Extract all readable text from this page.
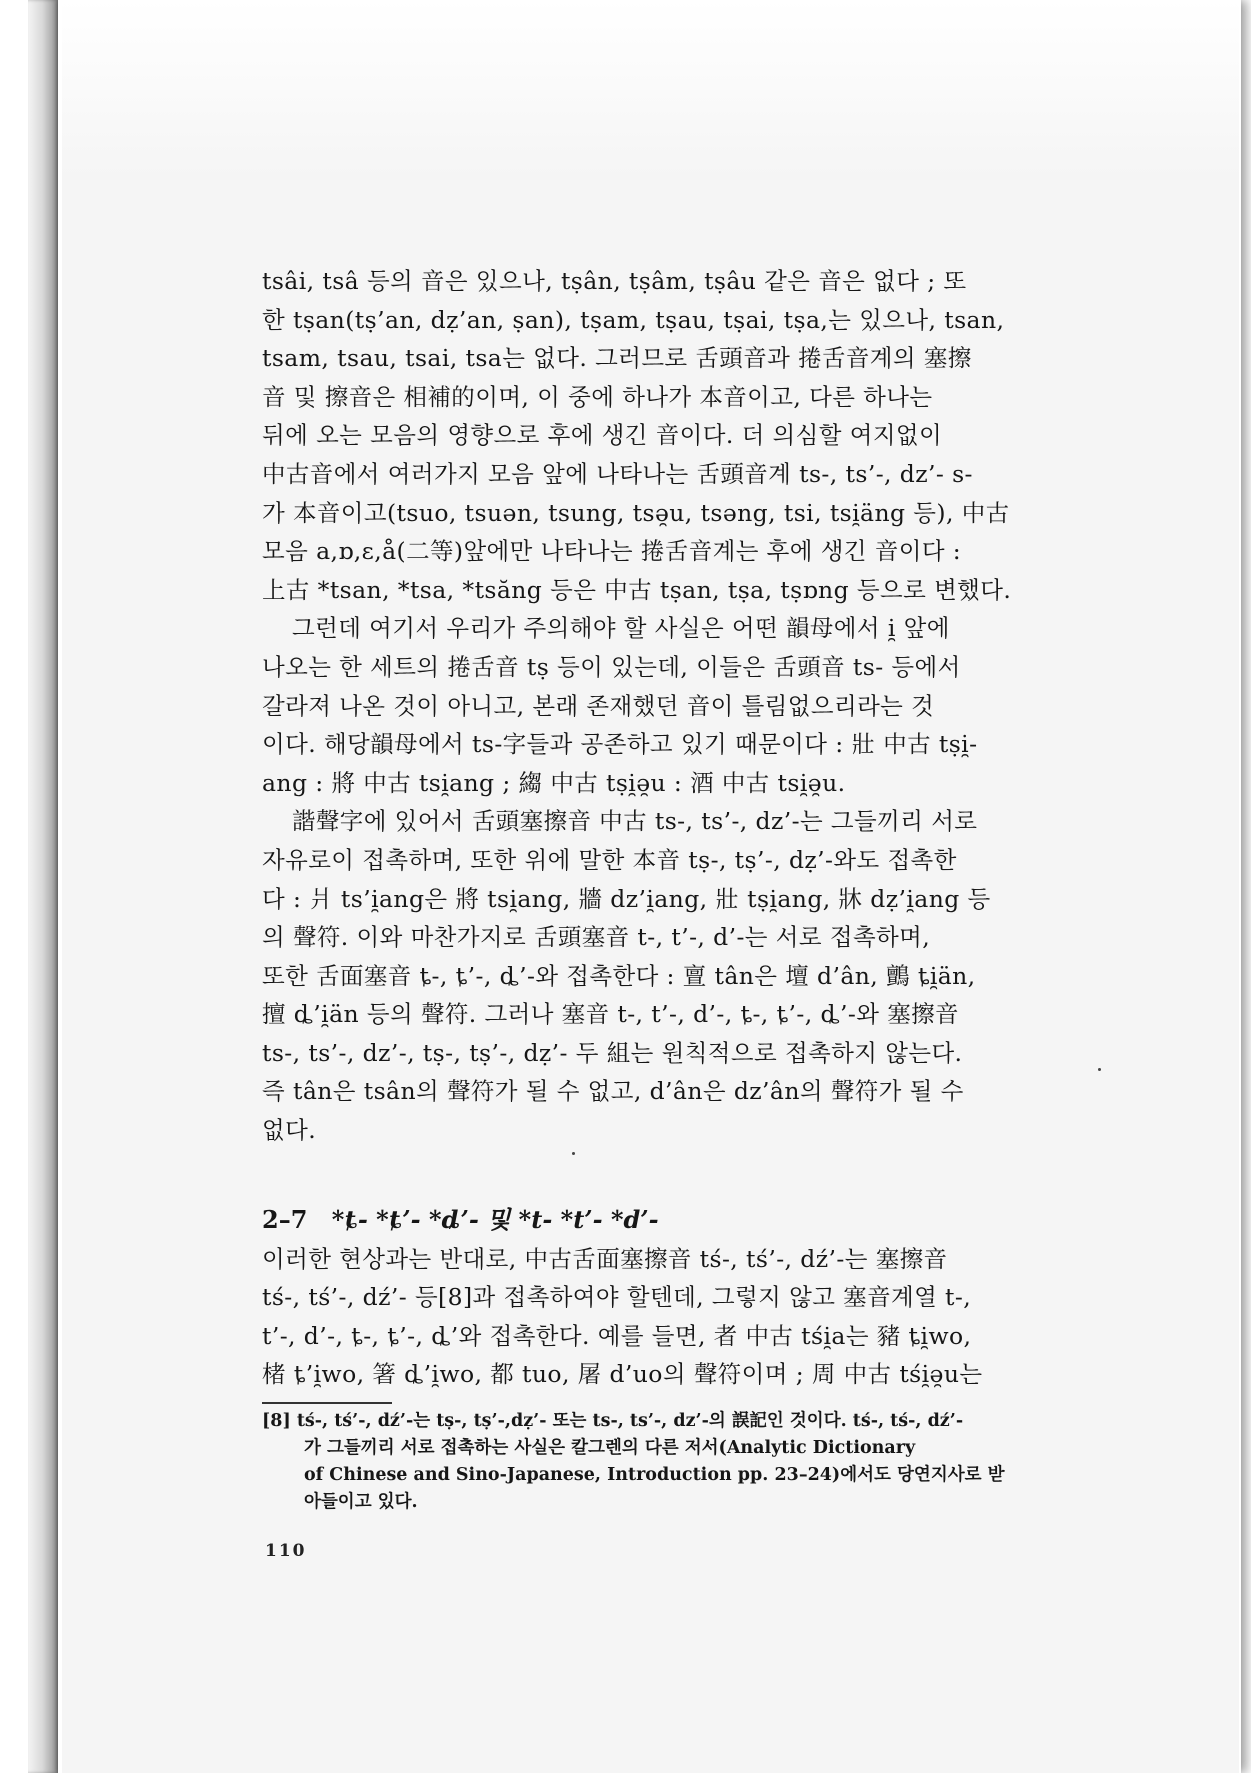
tsâi, tsâ 등의 音은 있으나, tṣân, tṣâm, tṣâu 같은 音은 없다 ; 또
한 tṣan(tṣ’an, dẓ’an, ṣan), tṣam, tṣau, tṣai, tṣa,는 있으나, tsan,
tsam, tsau, tsai, tsa는 없다. 그러므로 舌頭音과 捲舌音계의 塞擦
音 및 擦音은 相補的이며, 이 중에 하나가 本音이고, 다른 하나는
뒤에 오는 모음의 영향으로 후에 생긴 音이다. 더 의심할 여지없이
中古音에서 여러가지 모음 앞에 나타나는 舌頭音계 ts-, ts’-, dz’- s-
가 本音이고(tsuo, tsuən, tsung, tsə̯u, tsəng, tsi, tsi̯äng 등), 中古
모음 a,ɒ,ɛ,å(二等)앞에만 나타나는 捲舌音계는 후에 생긴 音이다 :
上古 *tsan, *tsa, *tsăng 등은 中古 tṣan, tṣa, tṣɒng 등으로 변했다.
그런데 여기서 우리가 주의해야 할 사실은 어떤 韻母에서 i̯ 앞에
나오는 한 세트의 捲舌音 tṣ 등이 있는데, 이들은 舌頭音 ts- 등에서
갈라져 나온 것이 아니고, 본래 존재했던 音이 틀림없으리라는 것
이다. 해당韻母에서 ts-字들과 공존하고 있기 때문이다 : 壯 中古 tṣi̯-
ang : 將 中古 tsi̯ang ; 縐 中古 tṣi̯ə̯u : 酒 中古 tsi̯ə̯u.
諧聲字에 있어서 舌頭塞擦音 中古 ts-, ts’-, dz’-는 그들끼리 서로
자유로이 접촉하며, 또한 위에 말한 本音 tṣ-, tṣ’-, dẓ’-와도 접촉한
다 : 爿 ts’i̯ang은 將 tsi̯ang, 牆 dz’i̯ang, 壯 tṣi̯ang, 牀 dẓ’i̯ang 등
의 聲符. 이와 마찬가지로 舌頭塞音 t-, t’-, d’-는 서로 접촉하며,
또한 舌面塞音 ȶ-, ȶ’-, ȡ’-와 접촉한다 : 亶 tân은 壇 d’ân, 鸇 ȶi̯än,
擅 ȡ’i̯än 등의 聲符. 그러나 塞音 t-, t’-, d’-, ȶ-, ȶ’-, ȡ’-와 塞擦音
ts-, ts’-, dz’-, tṣ-, tṣ’-, dẓ’- 두 組는 원칙적으로 접촉하지 않는다.
즉 tân은 tsân의 聲符가 될 수 없고, d’ân은 dz’ân의 聲符가 될 수
없다.
2–7 *ȶ- *ȶ’- *ȡ’- 및 *t- *t’- *d’-
이러한 현상과는 반대로, 中古舌面塞擦音 tś-, tś’-, dź’-는 塞擦音
tś-, tś’-, dź’- 등[8]과 접촉하여야 할텐데, 그렇지 않고 塞音계열 t-,
t’-, d’-, ȶ-, ȶ’-, ȡ’와 접촉한다. 예를 들면, 者 中古 tśi̯a는 豬 ȶi̯wo,
楮 ȶ’i̯wo, 箸 ȡ’i̯wo, 都 tuo, 屠 d’uo의 聲符이며 ; 周 中古 tśi̯ə̯u는
[8] tś-, tś’-, dź’-는 tṣ-, tṣ’-,dẓ’- 또는 ts-, ts’-, dz’-의 誤記인 것이다. tś-, tś-, dź’-
가 그들끼리 서로 접촉하는 사실은 칼그렌의 다른 저서(Analytic Dictionary
of Chinese and Sino-Japanese, Introduction pp. 23–24)에서도 당연지사로 받
아들이고 있다.
110
